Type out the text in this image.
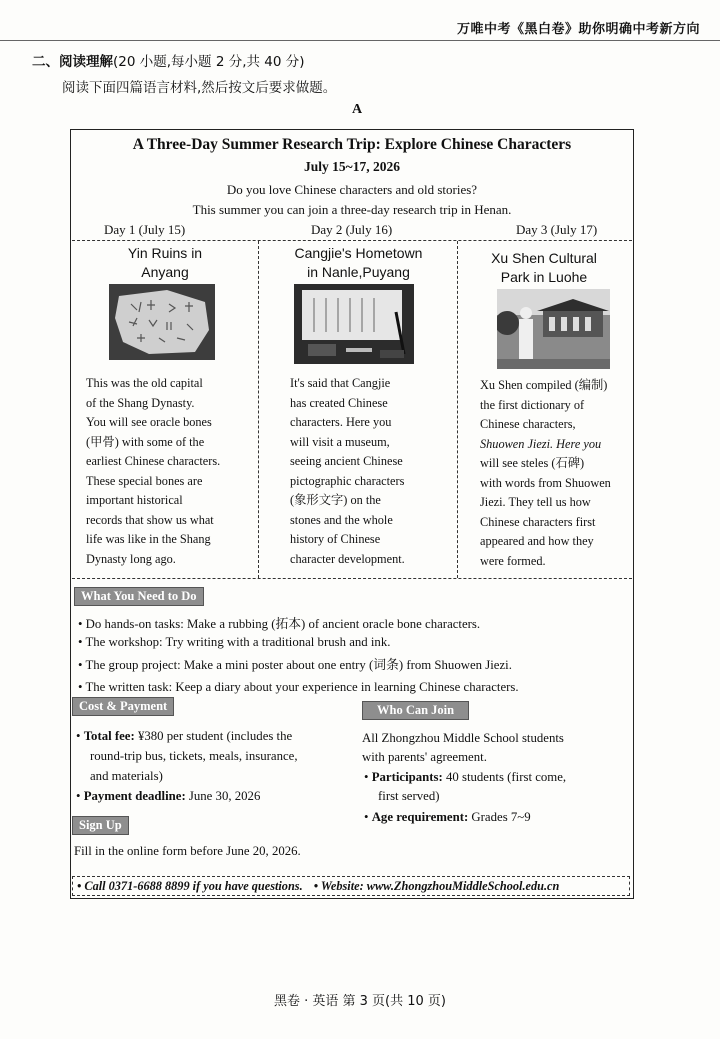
万唯中考《黑白卷》助你明确中考新方向
二、阅读理解(20 小题,每小题 2 分,共 40 分)
阅读下面四篇语言材料,然后按文后要求做题。
A
A Three-Day Summer Research Trip: Explore Chinese Characters
July 15~17, 2026
Do you love Chinese characters and old stories?
This summer you can join a three-day research trip in Henan.
Day 1 (July 15)	Day 2 (July 16)	Day 3 (July 17)
Yin Ruins in
Anyang
This was the old capital
of the Shang Dynasty.
You will see oracle bones
(甲骨) with some of the
earliest Chinese characters.
These special bones are
important historical
records that show us what
life was like in the Shang
Dynasty long ago.
Cangjie's Hometown
in Nanle,Puyang
It's said that Cangjie
has created Chinese
characters. Here you
will visit a museum,
seeing ancient Chinese
pictographic characters
(象形文字) on the
stones and the whole
history of Chinese
character development.
Xu Shen Cultural
Park in Luohe
Xu Shen compiled (编制)
the first dictionary of
Chinese characters,
Shuowen Jiezi. Here you
will see steles (石碑)
with words from Shuowen
Jiezi. They tell us how
Chinese characters first
appeared and how they
were formed.
What You Need to Do
• Do hands-on tasks: Make a rubbing (拓本) of ancient oracle bone characters.
• The workshop: Try writing with a traditional brush and ink.
• The group project: Make a mini poster about one entry (词条) from Shuowen Jiezi.
• The written task: Keep a diary about your experience in learning Chinese characters.
Cost & Payment
• Total fee: ¥380 per student (includes the
round-trip bus, tickets, meals, insurance,
and materials)
• Payment deadline: June 30, 2026
Who Can Join
All Zhongzhou Middle School students
with parents' agreement.
• Participants: 40 students (first come,
first served)
• Age requirement: Grades 7~9
Sign Up
Fill in the online form before June 20, 2026.
• Call 0371-6688 8899 if you have questions. • Website: www.ZhongzhouMiddleSchool.edu.cn
黑卷 · 英语 第 3 页(共 10 页)
